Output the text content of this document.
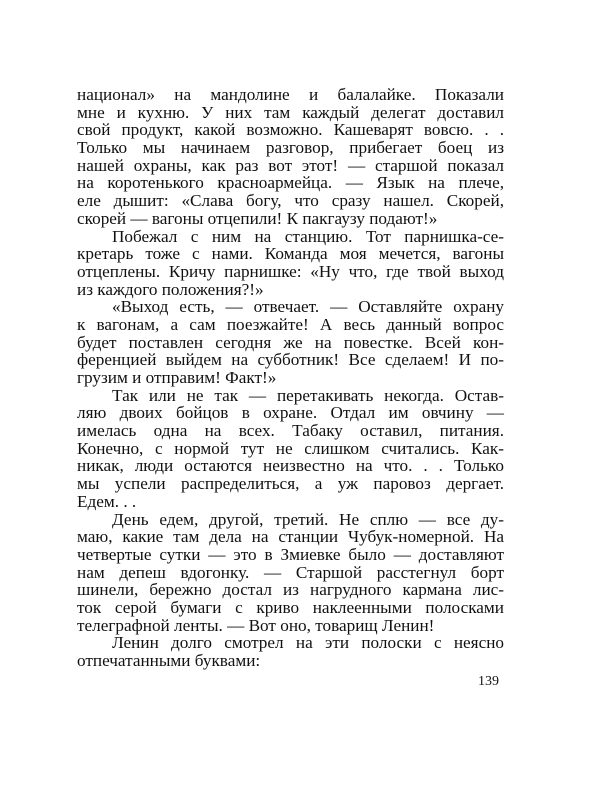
национал» на мандолине и балалайке. Показали
мне и кухню. У них там каждый делегат доставил
свой продукт, какой возможно. Кашеварят вовсю. . .
Только мы начинаем разговор, прибегает боец из
нашей охраны, как раз вот этот! — старшой показал
на коротенького красноармейца. — Язык на плече,
еле дышит: «Слава богу, что сразу нашел. Скорей,
скорей — вагоны отцепили! К пакгаузу подают!»
Побежал с ним на станцию. Тот парнишка-се-
кретарь тоже с нами. Команда моя мечется, вагоны
отцеплены. Кричу парнишке: «Ну что, где твой выход
из каждого положения?!»
«Выход есть, — отвечает. — Оставляйте охрану
к вагонам, а сам поезжайте! А весь данный вопрос
будет поставлен сегодня же на повестке. Всей кон-
ференцией выйдем на субботник! Все сделаем! И по-
грузим и отправим! Факт!»
Так или не так — перетакивать некогда. Остав-
ляю двоих бойцов в охране. Отдал им овчину —
имелась одна на всех. Табаку оставил, питания.
Конечно, с нормой тут не слишком считались. Как-
никак, люди остаются неизвестно на что. . . Только
мы успели распределиться, а уж паровоз дергает.
Едем. . .
День едем, другой, третий. Не сплю — все ду-
маю, какие там дела на станции Чубук-номерной. На
четвертые сутки — это в Змиевке было — доставляют
нам депеш вдогонку. — Старшой расстегнул борт
шинели, бережно достал из нагрудного кармана лис-
ток серой бумаги с криво наклеенными полосками
телеграфной ленты. — Вот оно, товарищ Ленин!
Ленин долго смотрел на эти полоски с неясно
отпечатанными буквами:
139
